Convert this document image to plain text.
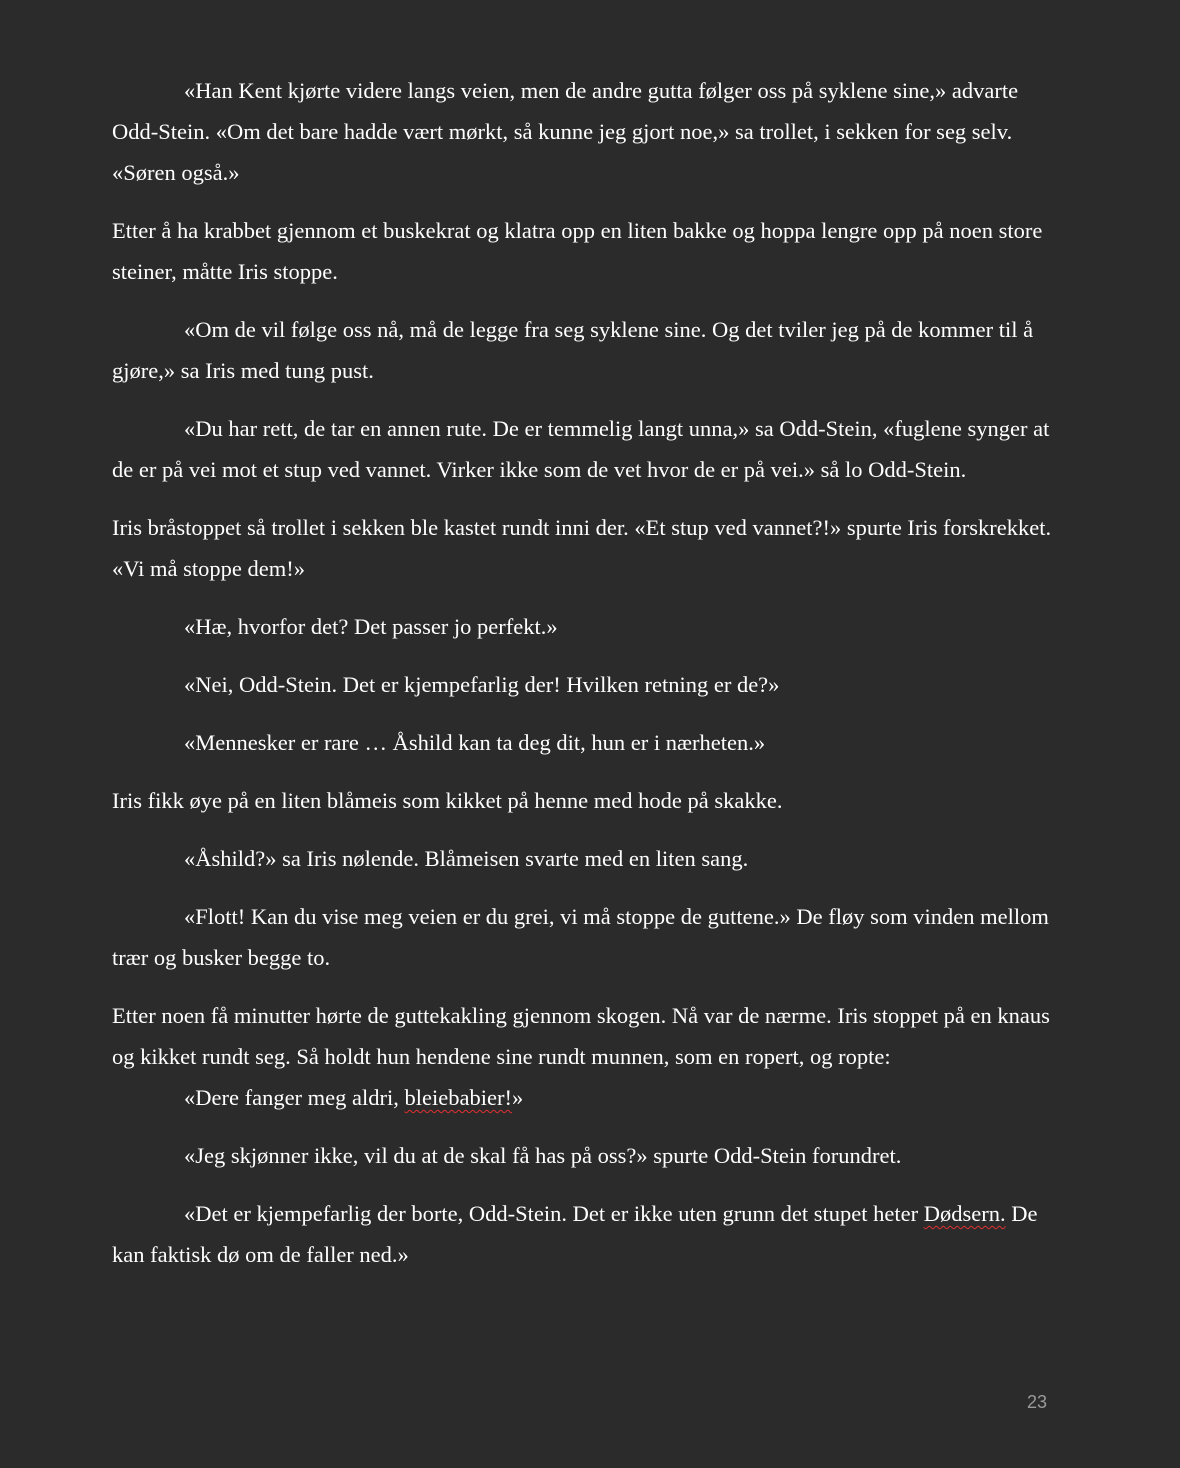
«Han Kent kjørte videre langs veien, men de andre gutta følger oss på syklene sine,» advarte Odd-Stein. «Om det bare hadde vært mørkt, så kunne jeg gjort noe,» sa trollet, i sekken for seg selv. «Søren også.»

Etter å ha krabbet gjennom et buskekrat og klatra opp en liten bakke og hoppa lengre opp på noen store steiner, måtte Iris stoppe.

«Om de vil følge oss nå, må de legge fra seg syklene sine. Og det tviler jeg på de kommer til å gjøre,» sa Iris med tung pust.

«Du har rett, de tar en annen rute. De er temmelig langt unna,» sa Odd-Stein, «fuglene synger at de er på vei mot et stup ved vannet. Virker ikke som de vet hvor de er på vei.» så lo Odd-Stein.

Iris bråstoppet så trollet i sekken ble kastet rundt inni der. «Et stup ved vannet?!» spurte Iris forskrekket. «Vi må stoppe dem!»

«Hæ, hvorfor det? Det passer jo perfekt.»

«Nei, Odd-Stein. Det er kjempefarlig der! Hvilken retning er de?»

«Mennesker er rare … Åshild kan ta deg dit, hun er i nærheten.»

Iris fikk øye på en liten blåmeis som kikket på henne med hode på skakke.

«Åshild?» sa Iris nølende. Blåmeisen svarte med en liten sang.

«Flott! Kan du vise meg veien er du grei, vi må stoppe de guttene.» De fløy som vinden mellom trær og busker begge to.

Etter noen få minutter hørte de guttekakling gjennom skogen. Nå var de nærme. Iris stoppet på en knaus og kikket rundt seg. Så holdt hun hendene sine rundt munnen, som en ropert, og ropte:

«Dere fanger meg aldri, bleiebabier!»

«Jeg skjønner ikke, vil du at de skal få has på oss?» spurte Odd-Stein forundret.

«Det er kjempefarlig der borte, Odd-Stein. Det er ikke uten grunn det stupet heter Dødsern. De kan faktisk dø om de faller ned.»

23
